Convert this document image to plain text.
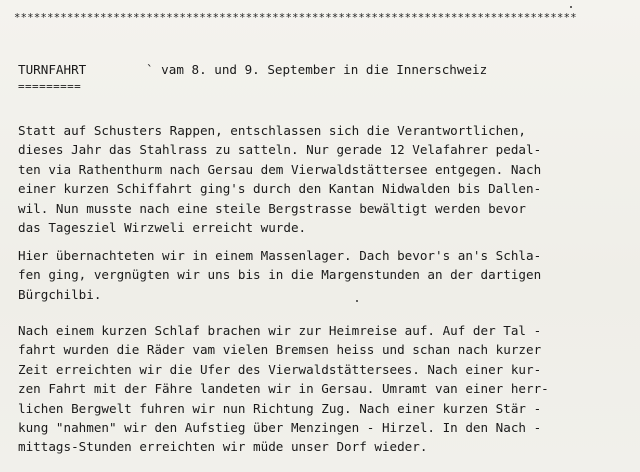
*************************************************************************************
TURNFAHRT	` vam 8. und 9. September in die Innerschweiz
=========
Statt auf Schusters Rappen, entschlassen sich die Verantwortlichen,
dieses Jahr das Stahlrass zu satteln. Nur gerade 12 Velafahrer pedal-
ten via Rathenthurm nach Gersau dem Vierwaldstättersee entgegen. Nach
einer kurzen Schiffahrt ging's durch den Kantan Nidwalden bis Dallen-
wil. Nun musste nach eine steile Bergstrasse bewältigt werden bevor
das Tagesziel Wirzweli erreicht wurde.
Hier übernachteten wir in einem Massenlager. Dach bevor's an's Schla-
fen ging, vergnügten wir uns bis in die Margenstunden an der dartigen
Bürgchilbi.
Nach einem kurzen Schlaf brachen wir zur Heimreise auf. Auf der Tal -
fahrt wurden die Räder vam vielen Bremsen heiss und schan nach kurzer
Zeit erreichten wir die Ufer des Vierwaldstättersees. Nach einer kur-
zen Fahrt mit der Fähre landeten wir in Gersau. Umramt van einer herr-
lichen Bergwelt fuhren wir nun Richtung Zug. Nach einer kurzen Stär -
kung "nahmen" wir den Aufstieg über Menzingen - Hirzel. In den Nach -
mittags-Stunden erreichten wir müde unser Dorf wieder.
